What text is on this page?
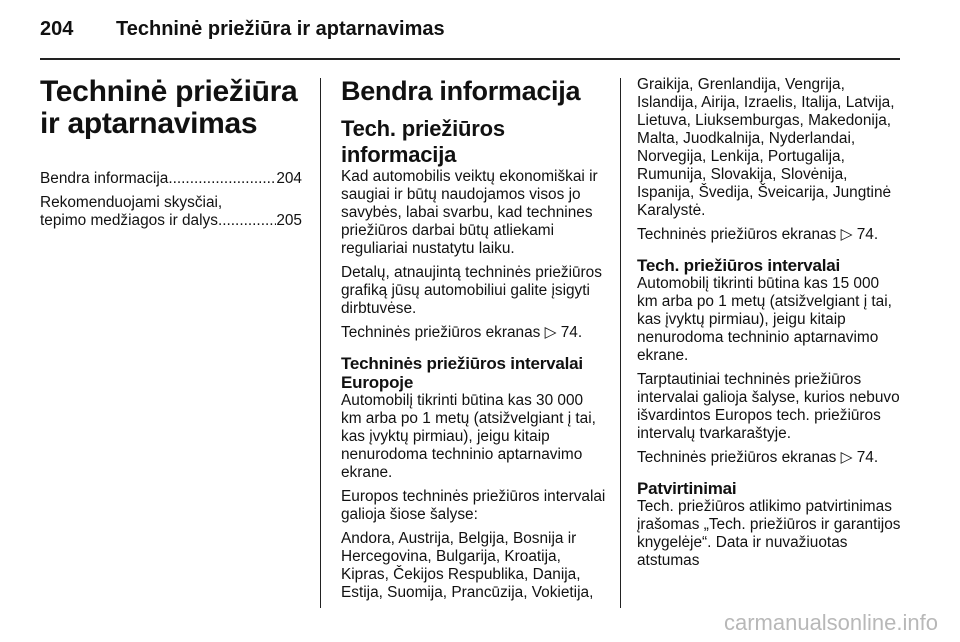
204 Techninė priežiūra ir aptarnavimas
Techninė priežiūra ir aptarnavimas
Bendra informacija .....	204
Rekomenduojami skysčiai,
tepimo medžiagos ir dalys .....	205
Bendra informacija
Tech. priežiūros informacija

Kad automobilis veiktų ekonomiškai ir saugiai ir būtų naudojamos visos jo savybės, labai svarbu, kad technines priežiūros darbai būtų atliekami reguliariai nustatytu laiku.

Detalų, atnaujintą techninės priežiūros grafiką jūsų automobiliui galite įsigyti dirbtuvėse.

Techninės priežiūros ekranas ▷ 74.

Techninės priežiūros intervalai Europoje

Automobilį tikrinti būtina kas 30 000 km arba po 1 metų (atsižvelgiant į tai, kas įvyktų pirmiau), jeigu kitaip nenurodoma techninio aptarnavimo ekrane.

Europos techninės priežiūros intervalai galioja šiose šalyse:

Andora, Austrija, Belgija, Bosnija ir Hercegovina, Bulgarija, Kroatija, Kipras, Čekijos Respublika, Danija, Estija, Suomija, Prancūzija, Vokietija,

Graikija, Grenlandija, Vengrija, Islandija, Airija, Izraelis, Italija, Latvija, Lietuva, Liuksemburgas, Makedonija, Malta, Juodkalnija, Nyderlandai, Norvegija, Lenkija, Portugalija, Rumunija, Slovakija, Slovėnija, Ispanija, Švedija, Šveicarija, Jungtinė Karalystė.

Techninės priežiūros ekranas ▷ 74.

Tech. priežiūros intervalai

Automobilį tikrinti būtina kas 15 000 km arba po 1 metų (atsižvelgiant į tai, kas įvyktų pirmiau), jeigu kitaip nenurodoma techninio aptarnavimo ekrane.

Tarptautiniai techninės priežiūros intervalai galioja šalyse, kurios nebuvo išvardintos Europos tech. priežiūros intervalų tvarkaraštyje.

Techninės priežiūros ekranas ▷ 74.

Patvirtinimai

Tech. priežiūros atlikimo patvirtinimas įrašomas „Tech. priežiūros ir garantijos knygelėje“. Data ir nuvažiuotas atstumas

carmanualsonline.info
